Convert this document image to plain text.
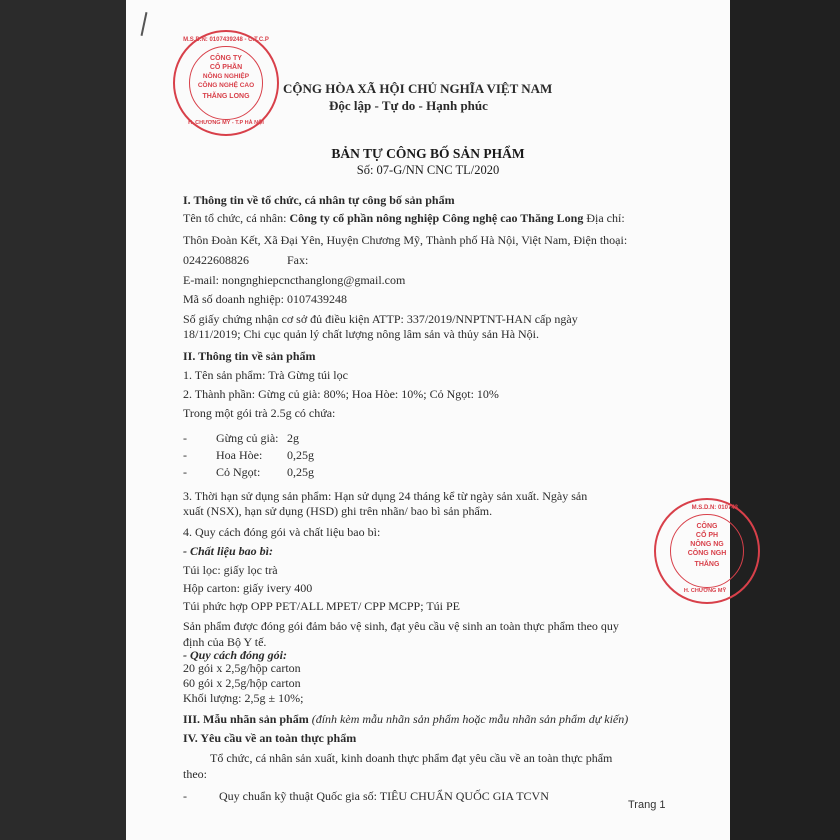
M.S.D.N: 0107439248 - C.T.C.P
CÔNG TY
CỔ PHẦN
NÔNG NGHIỆP
CÔNG NGHỆ CAO
THĂNG LONG
H. CHƯƠNG MỸ - T.P HÀ NỘI
M.S.D.N: 010743
CÔNG
CỔ PH
NÔNG NG
CÔNG NGH
THĂNG
H. CHƯƠNG MỸ
CỘNG HÒA XÃ HỘI CHỦ NGHĨA VIỆT NAM
Độc lập - Tự do - Hạnh phúc
BẢN TỰ CÔNG BỐ SẢN PHẨM
Số: 07-G/NN CNC TL/2020
I. Thông tin về tổ chức, cá nhân tự công bố sản phẩm
Tên tổ chức, cá nhân: Công ty cổ phần nông nghiệp Công nghệ cao Thăng Long Địa chỉ:
Thôn Đoàn Kết, Xã Đại Yên, Huyện Chương Mỹ, Thành phố Hà Nội, Việt Nam, Điện thoại:
02422608826	Fax:
E-mail: nongnghiepcncthanglong@gmail.com
Mã số doanh nghiệp: 0107439248
Số giấy chứng nhận cơ sở đủ điều kiện ATTP: 337/2019/NNPTNT-HAN cấp ngày
18/11/2019; Chi cục quản lý chất lượng nông lâm sản và thủy sản Hà Nội.
II. Thông tin về sản phẩm
1. Tên sản phẩm: Trà Gừng túi lọc
2. Thành phần: Gừng củ già: 80%; Hoa Hòe: 10%; Cỏ Ngọt: 10%
Trong một gói trà 2.5g có chứa:
- Gừng củ già: 2g
- Hoa Hòe: 0,25g
- Cỏ Ngọt: 0,25g
3. Thời hạn sử dụng sản phẩm: Hạn sử dụng 24 tháng kể từ ngày sản xuất. Ngày sản
xuất (NSX), hạn sử dụng (HSD) ghi trên nhãn/ bao bì sản phẩm.
4. Quy cách đóng gói và chất liệu bao bì:
- Chất liệu bao bì:
Túi lọc: giấy lọc trà
Hộp carton: giấy ivery 400
Túi phức hợp OPP PET/ALL MPET/ CPP MCPP; Túi PE
Sản phẩm được đóng gói đảm bảo vệ sinh, đạt yêu cầu vệ sinh an toàn thực phẩm theo quy
định của Bộ Y tế.
- Quy cách đóng gói:
20 gói x 2,5g/hộp carton
60 gói x 2,5g/hộp carton
Khối lượng: 2,5g ± 10%;
III. Mẫu nhãn sản phẩm (đính kèm mẫu nhãn sản phẩm hoặc mẫu nhãn sản phẩm dự kiến)
IV. Yêu cầu về an toàn thực phẩm
Tổ chức, cá nhân sản xuất, kinh doanh thực phẩm đạt yêu cầu về an toàn thực phẩm
theo:
-	Quy chuẩn kỹ thuật Quốc gia số: TIÊU CHUẨN QUỐC GIA TCVN
Trang 1
